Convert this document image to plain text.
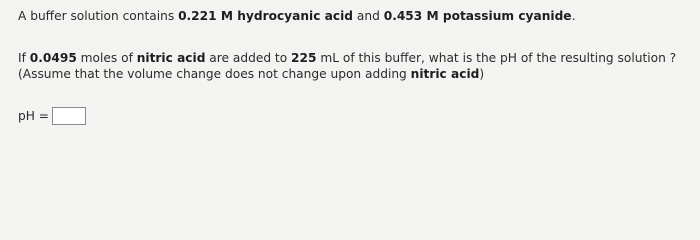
A buffer solution contains 0.221 M hydrocyanic acid and 0.453 M potassium cyanide.
If 0.0495 moles of nitric acid are added to 225 mL of this buffer, what is the pH of the resulting solution ?
(Assume that the volume change does not change upon adding nitric acid)
pH =
